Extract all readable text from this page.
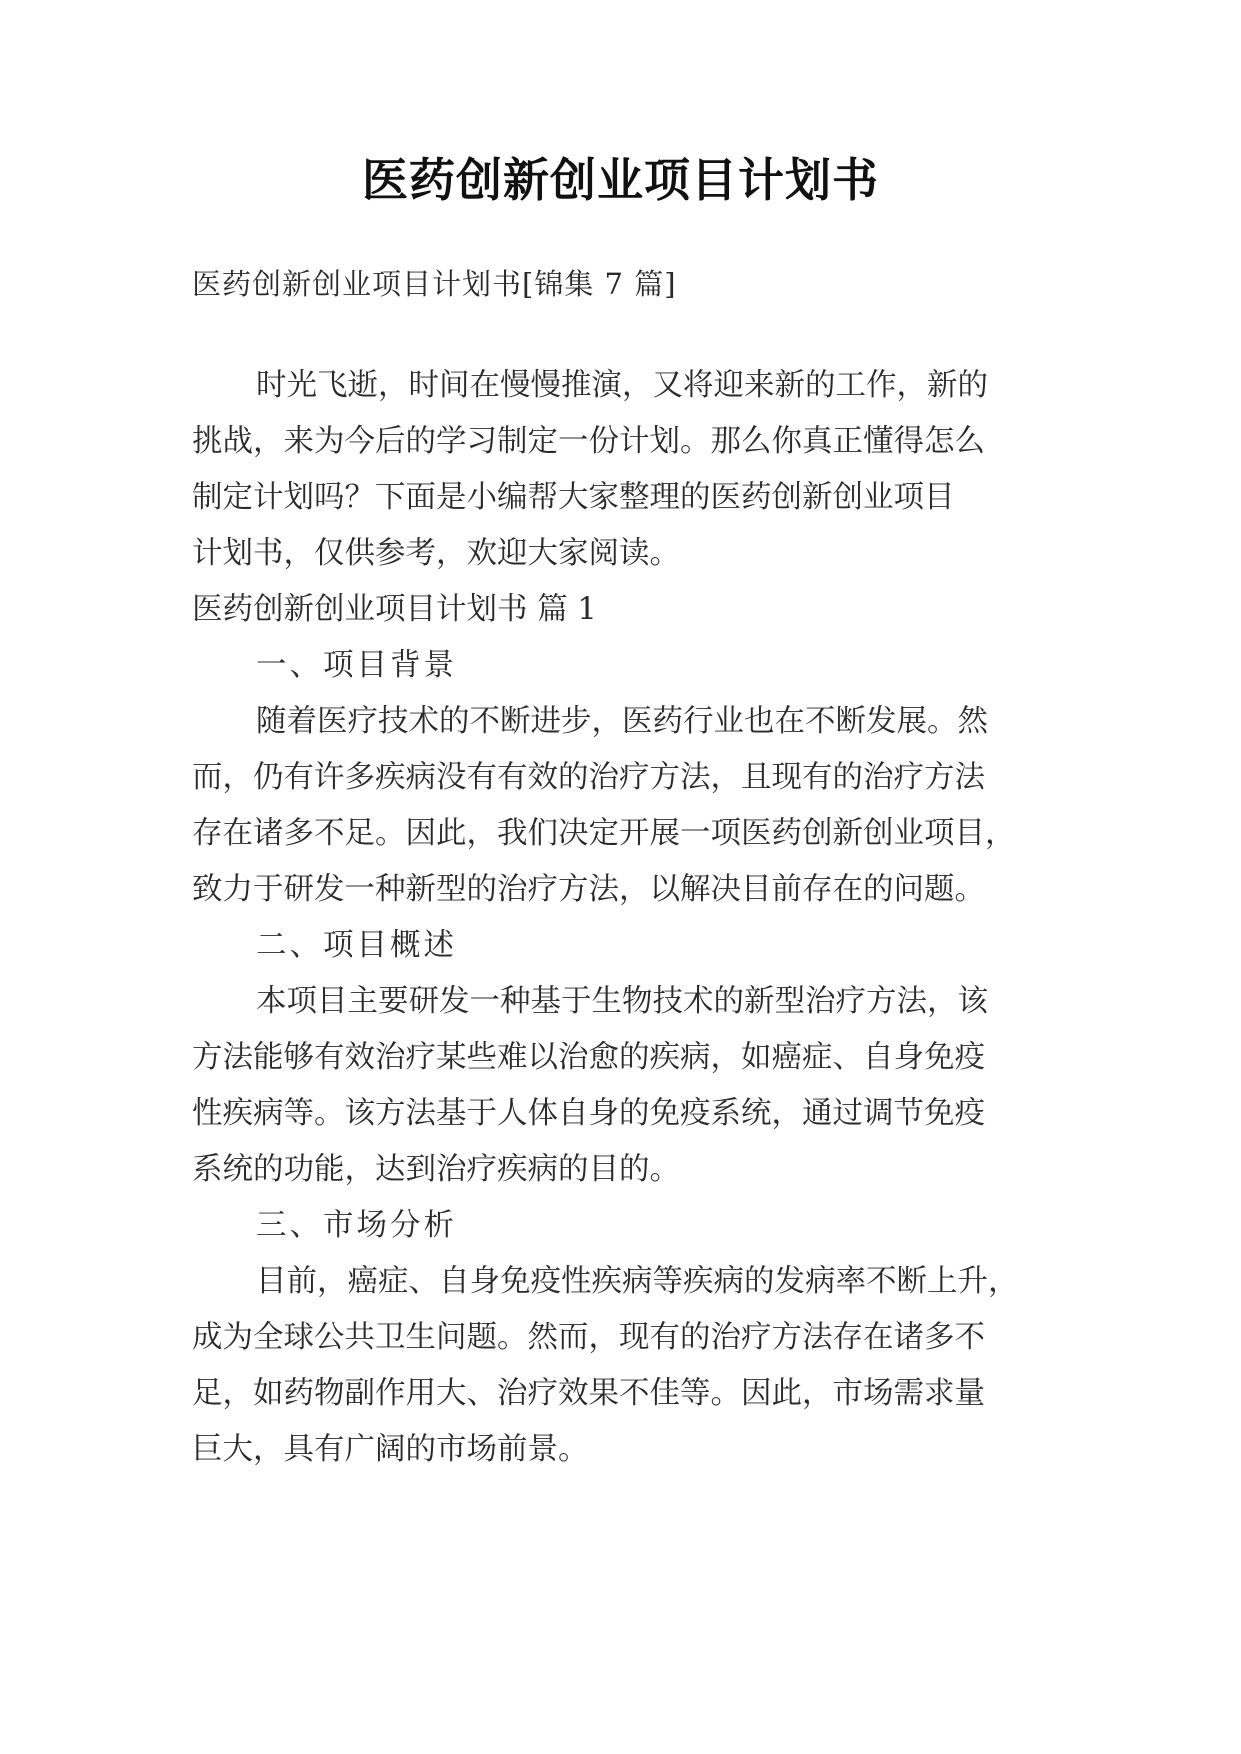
医药创新创业项目计划书
医药创新创业项目计划书[锦集 7 篇]
时光飞逝，时间在慢慢推演，又将迎来新的工作，新的
挑战，来为今后的学习制定一份计划。那么你真正懂得怎么
制定计划吗？下面是小编帮大家整理的医药创新创业项目
计划书，仅供参考，欢迎大家阅读。
医药创新创业项目计划书 篇 1
一、项目背景
随着医疗技术的不断进步，医药行业也在不断发展。然
而，仍有许多疾病没有有效的治疗方法，且现有的治疗方法
存在诸多不足。因此，我们决定开展一项医药创新创业项目，
致力于研发一种新型的治疗方法，以解决目前存在的问题。
二、项目概述
本项目主要研发一种基于生物技术的新型治疗方法，该
方法能够有效治疗某些难以治愈的疾病，如癌症、自身免疫
性疾病等。该方法基于人体自身的免疫系统，通过调节免疫
系统的功能，达到治疗疾病的目的。
三、市场分析
目前，癌症、自身免疫性疾病等疾病的发病率不断上升，
成为全球公共卫生问题。然而，现有的治疗方法存在诸多不
足，如药物副作用大、治疗效果不佳等。因此，市场需求量
巨大，具有广阔的市场前景。
